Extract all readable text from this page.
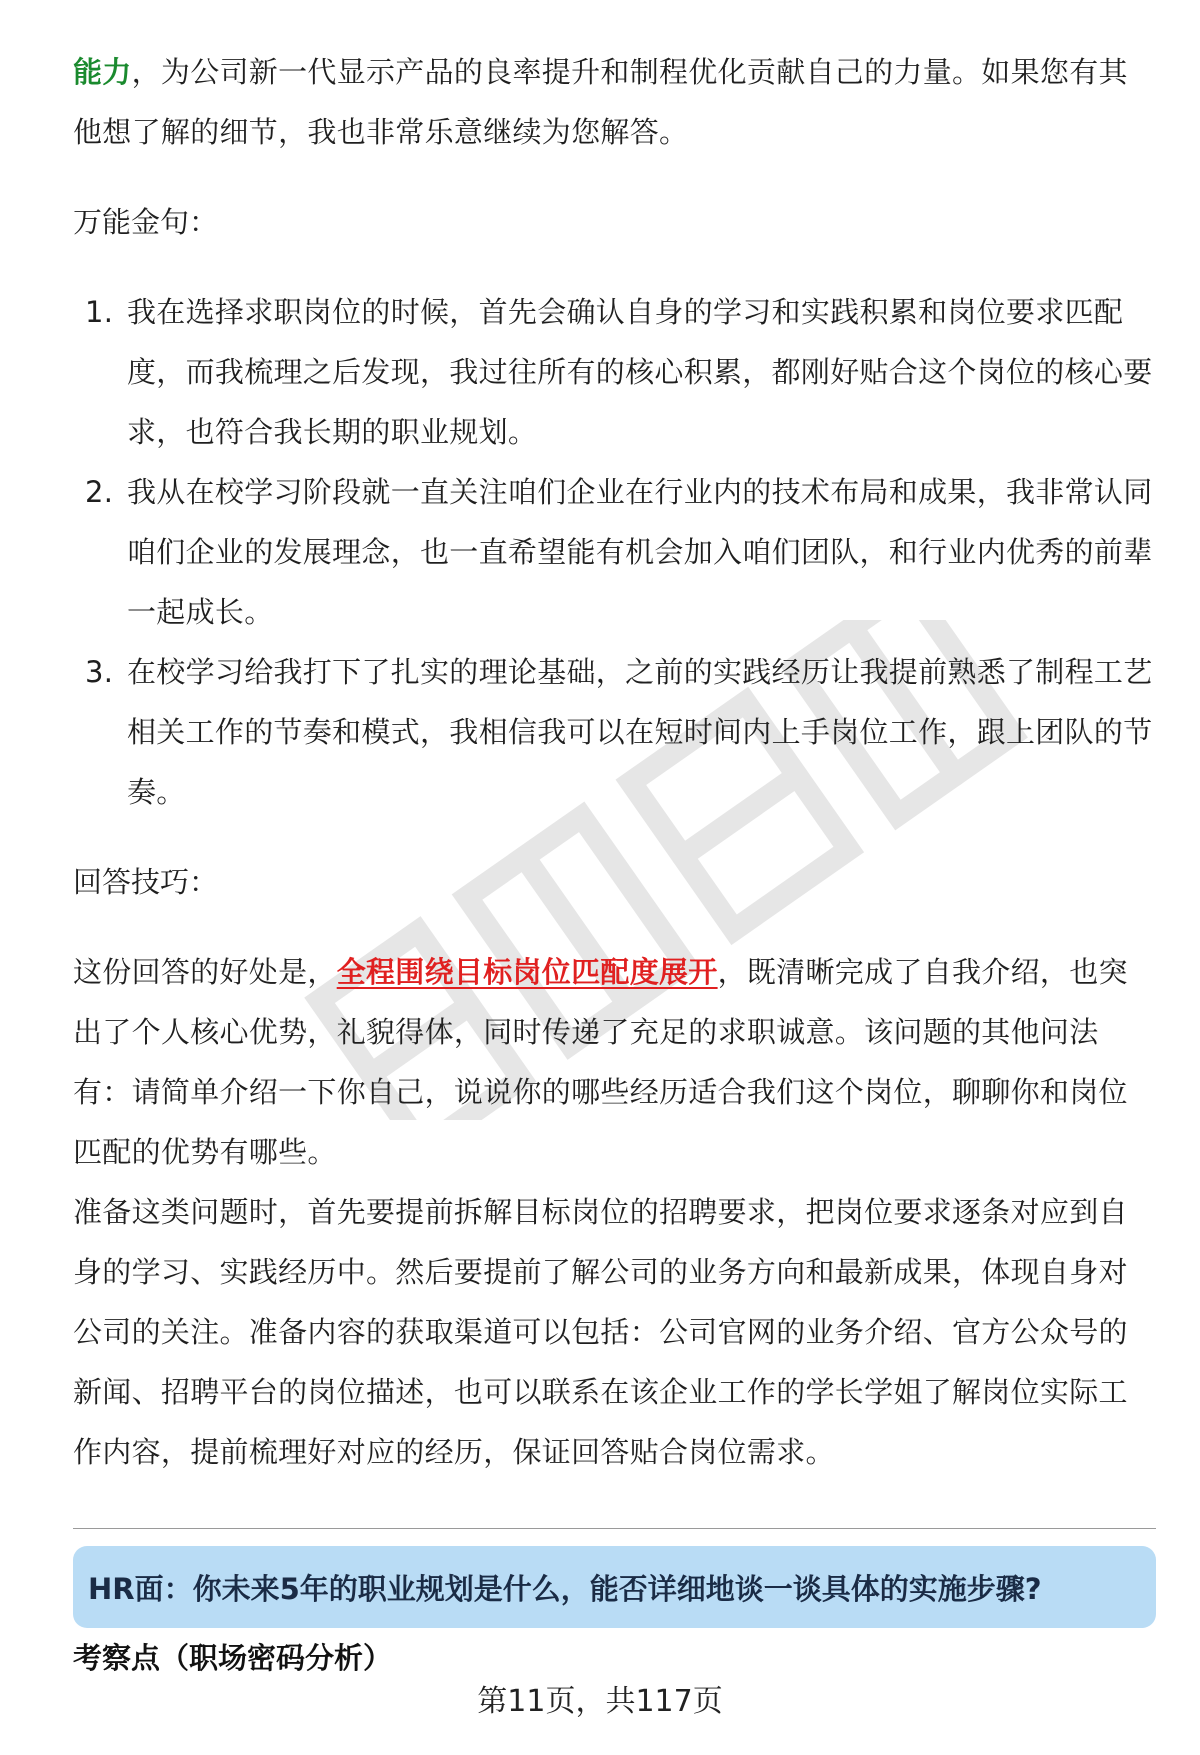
能力，为公司新一代显示产品的良率提升和制程优化贡献自己的力量。如果您有其他想了解的细节，我也非常乐意继续为您解答。

万能金句：

1. 我在选择求职岗位的时候，首先会确认自身的学习和实践积累和岗位要求匹配度，而我梳理之后发现，我过往所有的核心积累，都刚好贴合这个岗位的核心要求，也符合我长期的职业规划。
2. 我从在校学习阶段就一直关注咱们企业在行业内的技术布局和成果，我非常认同咱们企业的发展理念，也一直希望能有机会加入咱们团队，和行业内优秀的前辈一起成长。
3. 在校学习给我打下了扎实的理论基础，之前的实践经历让我提前熟悉了制程工艺相关工作的节奏和模式，我相信我可以在短时间内上手岗位工作，跟上团队的节奏。

回答技巧：

这份回答的好处是，全程围绕目标岗位匹配度展开，既清晰完成了自我介绍，也突出了个人核心优势，礼貌得体，同时传递了充足的求职诚意。该问题的其他问法有：请简单介绍一下你自己，说说你的哪些经历适合我们这个岗位，聊聊你和岗位匹配的优势有哪些。

准备这类问题时，首先要提前拆解目标岗位的招聘要求，把岗位要求逐条对应到自身的学习、实践经历中。然后要提前了解公司的业务方向和最新成果，体现自身对公司的关注。准备内容的获取渠道可以包括：公司官网的业务介绍、官方公众号的新闻、招聘平台的岗位描述，也可以联系在该企业工作的学长学姐了解岗位实际工作内容，提前梳理好对应的经历，保证回答贴合岗位需求。

HR面：你未来5年的职业规划是什么，能否详细地谈一谈具体的实施步骤?
考察点（职场密码分析）
第11页，共117页
